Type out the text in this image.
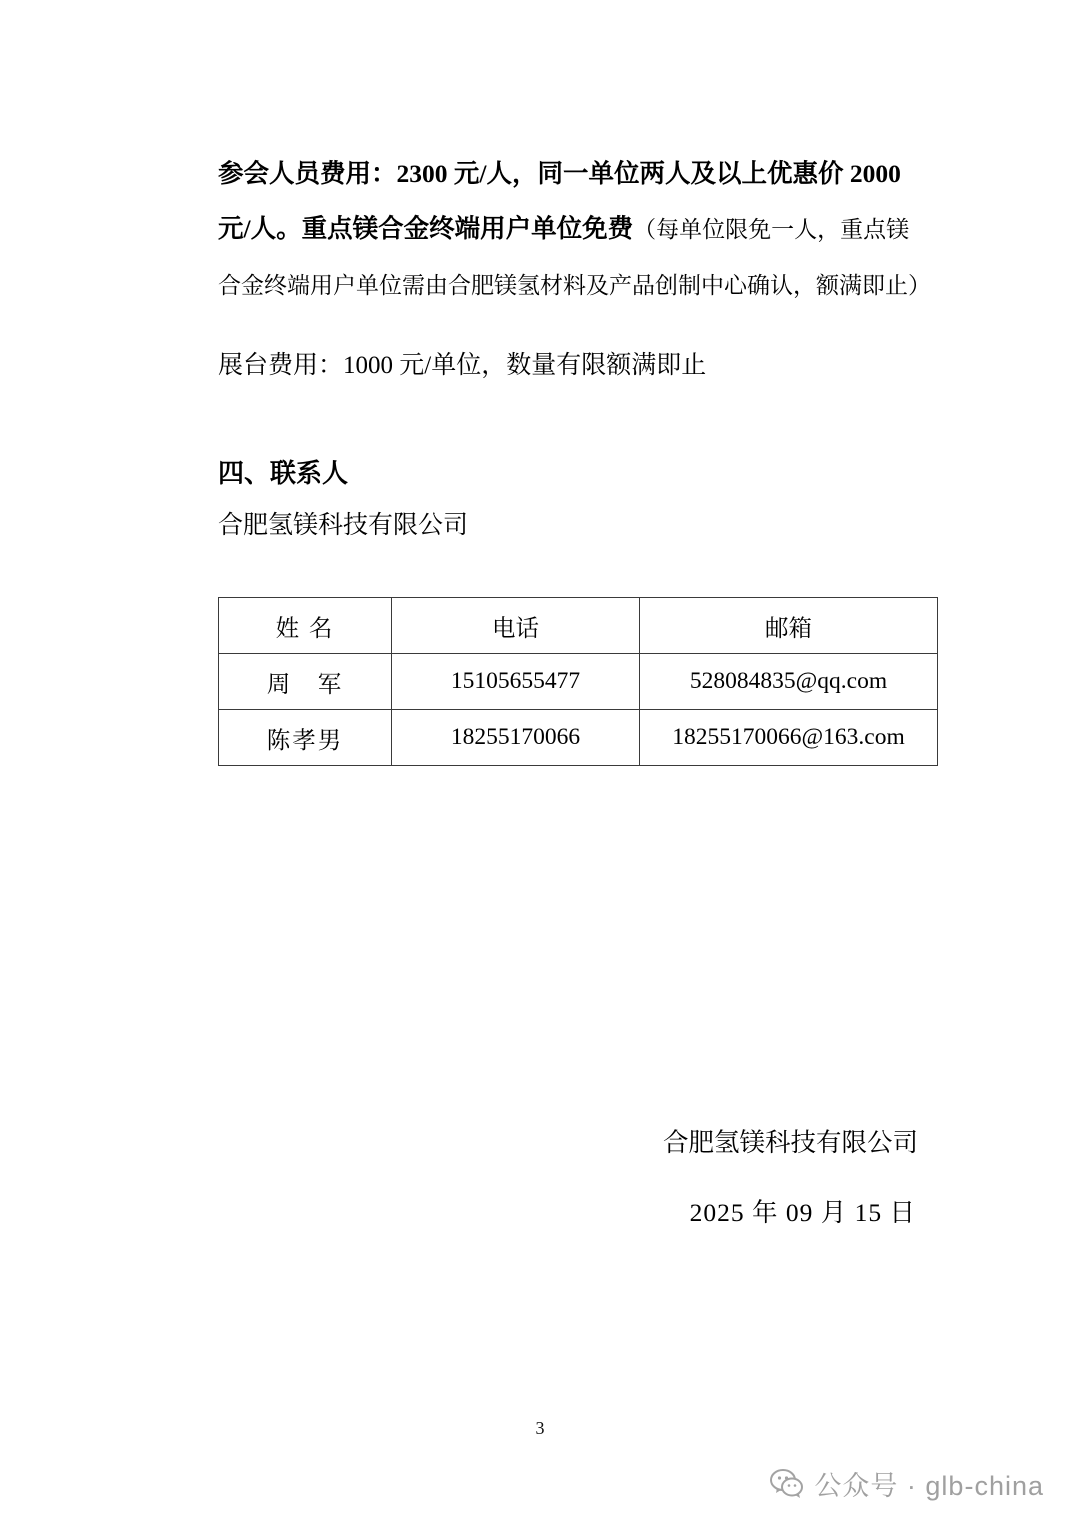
参会人员费用：2300 元/人，同一单位两人及以上优惠价 2000 元/人。重点镁合金终端用户单位免费（每单位限免一人，重点镁合金终端用户单位需由合肥镁氢材料及产品创制中心确认，额满即止）

展台费用：1000 元/单位，数量有限额满即止

四、联系人
合肥氢镁科技有限公司
姓 名	电话	邮箱
周　军	15105655477	528084835@qq.com
陈孝男	18255170066	18255170066@163.com
合肥氢镁科技有限公司
2025 年 09 月 15 日
3
公众号 · glb-china
